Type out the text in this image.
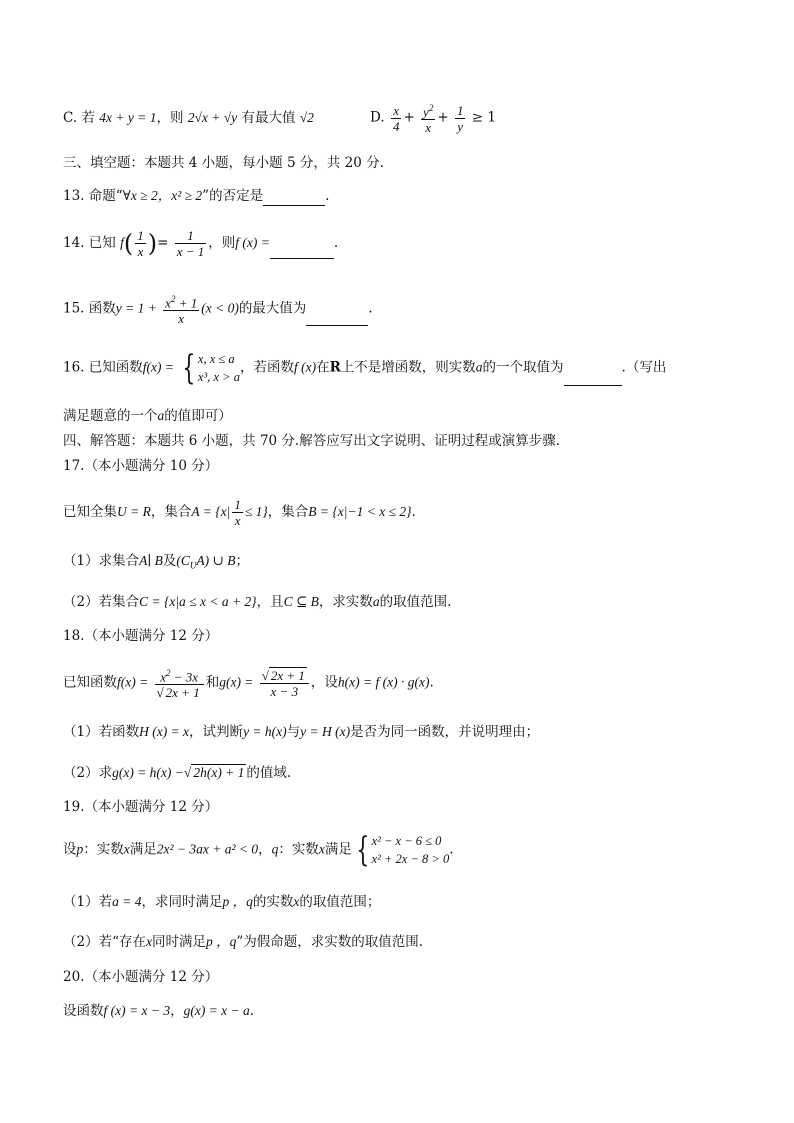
C. 若 4x + y = 1，则 2√x + √y 有最大值 √2	D. $\frac{x}{4} + \frac{y^2}{x} + \frac{1}{y} \ge 1$
三、填空题：本题共 4 小题，每小题 5 分，共 20 分.
13. 命题“∀x ≥ 2，x² ≥ 2”的否定是	.
14. 已知 $f( \frac{1}{x}$ )= $\frac{1}{x - 1}$ ，则f (x) =	.
15. 函数$y = 1 + \frac{x^2 + 1}{x} (x < 0)$的最大值为	.
16. 已知函数f(x) = { x, x ≤ a
x³, x > a
，若函数f (x)在R上不是增函数，则实数a的一个取值为	.（写出
满足题意的一个a的值即可）
四、解答题：本题共 6 小题，共 70 分.解答应写出文字说明、证明过程或演算步骤.
17.（本小题满分 10 分）
已知全集U = R，集合$A = \{x| \frac{1}{x} \le 1\}$，集合B = {x|−1 < x ≤ 2}.
（1）求集合A∣ B及$(C_UA)$ ∪ B；
（2）若集合C = {x|a ≤ x < a + 2}，且C ⊆ B，求实数a的取值范围.
18.（本小题满分 12 分）
已知函数$f(x) = \frac{x^2 - 3x}{√ 2x + 1}$ 和$g(x) = \frac{√ 2x + 1}{x - 3}$ ，设h(x) = f (x) · g(x).
（1）若函数H (x) = x，试判断y = h(x)与y = H (x)是否为同一函数，并说明理由；
（2）求g(x) = h(x) −√ 2h(x) + 1 的值域.
19.（本小题满分 12 分）
设p：实数x满足2x² − 3ax + a² < 0，q：实数x满足 { x² − x − 6 ≤ 0
x² + 2x − 8 > 0
.
（1）若a = 4，求同时满足p ，q的实数x的取值范围；
（2）若“存在x同时满足p ，q”为假命题，求实数的取值范围.
20.（本小题满分 12 分）
设函数f (x) = x − 3，g(x) = x − a.
